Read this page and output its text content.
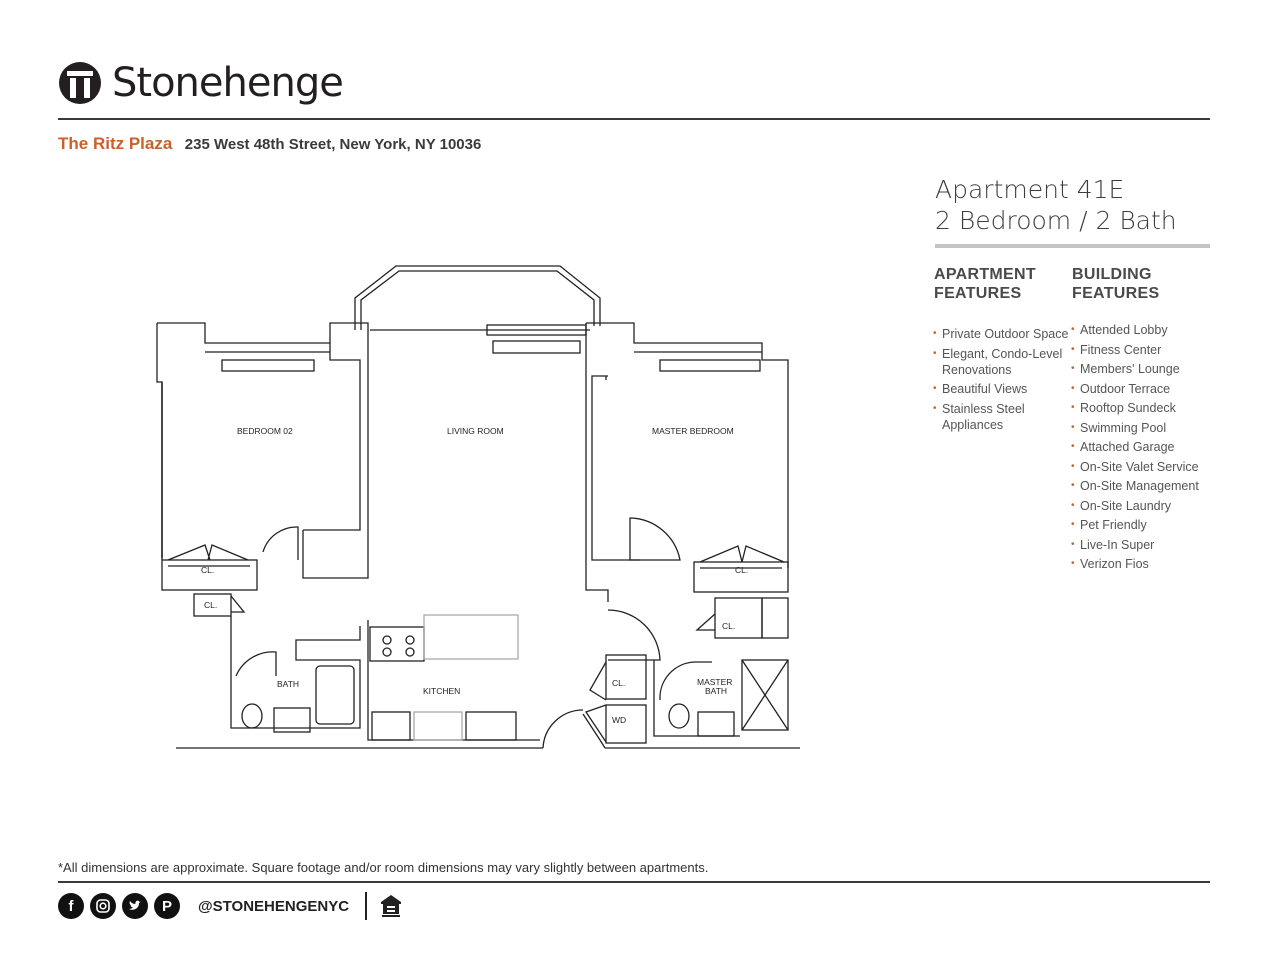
Stonehenge
The Ritz Plaza 235 West 48th Street, New York, NY 10036
Apartment 41E
2 Bedroom / 2 Bath
APARTMENT
FEATURES
BUILDING
FEATURES
• Private Outdoor Space
• Elegant, Condo-Level Renovations
• Beautiful Views
• Stainless Steel Appliances
• Attended Lobby
• Fitness Center
• Members' Lounge
• Outdoor Terrace
• Rooftop Sundeck
• Swimming Pool
• Attached Garage
• On-Site Valet Service
• On-Site Management
• On-Site Laundry
• Pet Friendly
• Live-In Super
• Verizon Fios
BEDROOM 02	LIVING ROOM	MASTER BEDROOM
CL.
CL.
CL.
CL.
CL.
BATH
KITCHEN
MASTER
BATH
WD
*All dimensions are approximate. Square footage and/or room dimensions may vary slightly between apartments.
f	P	@STONEHENGENYC
